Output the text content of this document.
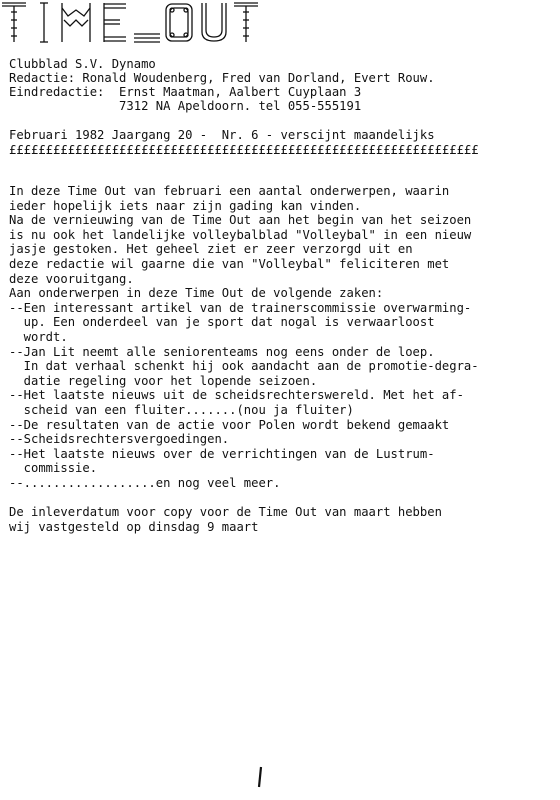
Clubblad S.V. Dynamo
Redactie: Ronald Woudenberg, Fred van Dorland, Evert Rouw.
Eindredactie:  Ernst Maatman, Aalbert Cuyplaan 3
7312 NA Apeldoorn. tel 055-555191
Februari 1982 Jaargang 20 -  Nr. 6 - verscijnt maandelijks
££££££££££££££££££££££££££££££££££££££££££££££££££££££££££££££££
In deze Time Out van februari een aantal onderwerpen, waarin
ieder hopelijk iets naar zijn gading kan vinden.
Na de vernieuwing van de Time Out aan het begin van het seizoen
is nu ook het landelijke volleybalblad "Volleybal" in een nieuw
jasje gestoken. Het geheel ziet er zeer verzorgd uit en
deze redactie wil gaarne die van "Volleybal" feliciteren met
deze vooruitgang.
Aan onderwerpen in deze Time Out de volgende zaken:
--Een interessant artikel van de trainerscommissie overwarming-
up. Een onderdeel van je sport dat nogal is verwaarloost
wordt.
--Jan Lit neemt alle seniorenteams nog eens onder de loep.
In dat verhaal schenkt hij ook aandacht aan de promotie-degra-
datie regeling voor het lopende seizoen.
--Het laatste nieuws uit de scheidsrechterswereld. Met het af-
scheid van een fluiter.......(nou ja fluiter)
--De resultaten van de actie voor Polen wordt bekend gemaakt
--Scheidsrechtersvergoedingen.
--Het laatste nieuws over de verrichtingen van de Lustrum-
commissie.
--..................en nog veel meer.

De inleverdatum voor copy voor de Time Out van maart hebben
wij vastgesteld op dinsdag 9 maart
